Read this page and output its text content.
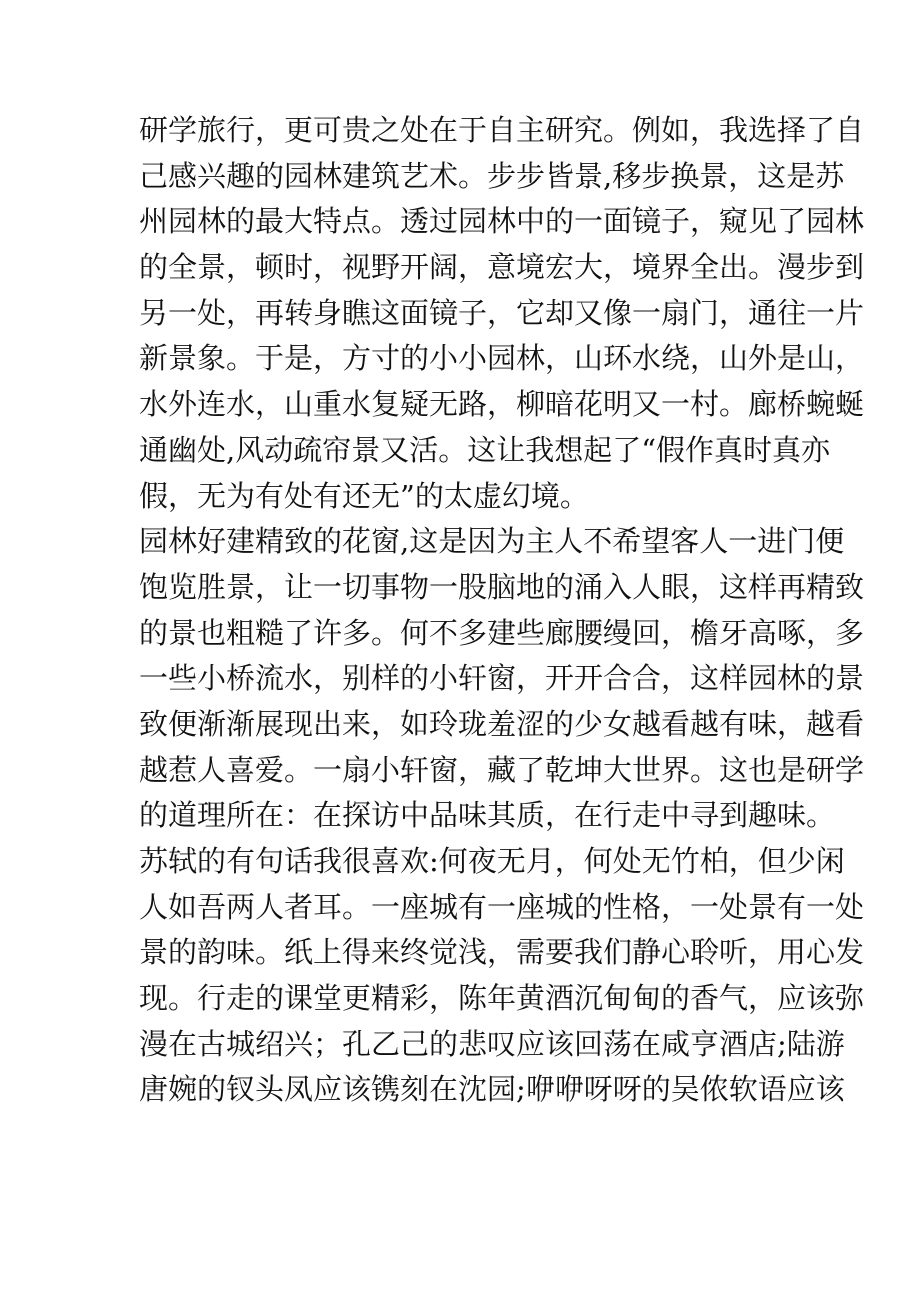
研学旅行，更可贵之处在于自主研究。例如，我选择了自
己感兴趣的园林建筑艺术。步步皆景,移步换景，这是苏
州园林的最大特点。透过园林中的一面镜子，窥见了园林
的全景，顿时，视野开阔，意境宏大，境界全出。漫步到
另一处，再转身瞧这面镜子，它却又像一扇门，通往一片
新景象。于是，方寸的小小园林，山环水绕，山外是山，
水外连水，山重水复疑无路，柳暗花明又一村。廊桥蜿蜒
通幽处,风动疏帘景又活。这让我想起了“假作真时真亦
假，无为有处有还无”的太虚幻境。
园林好建精致的花窗,这是因为主人不希望客人一进门便
饱览胜景，让一切事物一股脑地的涌入人眼，这样再精致
的景也粗糙了许多。何不多建些廊腰缦回，檐牙高啄，多
一些小桥流水，别样的小轩窗，开开合合，这样园林的景
致便渐渐展现出来，如玲珑羞涩的少女越看越有味，越看
越惹人喜爱。一扇小轩窗，藏了乾坤大世界。这也是研学
的道理所在：在探访中品味其质，在行走中寻到趣味。
苏轼的有句话我很喜欢:何夜无月，何处无竹柏，但少闲
人如吾两人者耳。一座城有一座城的性格，一处景有一处
景的韵味。纸上得来终觉浅，需要我们静心聆听，用心发
现。行走的课堂更精彩，陈年黄酒沉甸甸的香气，应该弥
漫在古城绍兴；孔乙己的悲叹应该回荡在咸亨酒店;陆游
唐婉的钗头凤应该镌刻在沈园;咿咿呀呀的吴侬软语应该
